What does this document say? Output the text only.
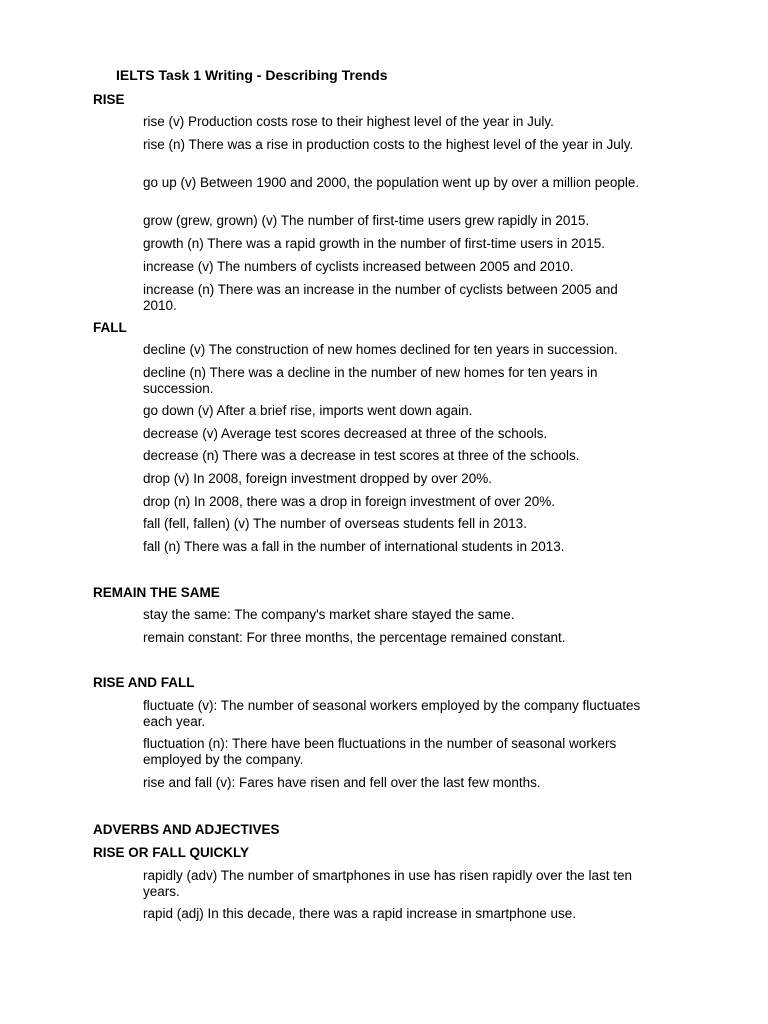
IELTS Task 1 Writing - Describing Trends
RISE
rise (v) Production costs rose to their highest level of the year in July.
rise (n) There was a rise in production costs to the highest level of the year in July.
go up (v) Between 1900 and 2000, the population went up by over a million people.
grow (grew, grown) (v) The number of first-time users grew rapidly in 2015.
growth (n) There was a rapid growth in the number of first-time users in 2015.
increase (v) The numbers of cyclists increased between 2005 and 2010.
increase (n) There was an increase in the number of cyclists between 2005 and 2010.
FALL
decline (v) The construction of new homes declined for ten years in succession.
decline (n) There was a decline in the number of new homes for ten years in succession.
go down (v) After a brief rise, imports went down again.
decrease (v) Average test scores decreased at three of the schools.
decrease (n) There was a decrease in test scores at three of the schools.
drop (v) In 2008, foreign investment dropped by over 20%.
drop (n) In 2008, there was a drop in foreign investment of over 20%.
fall (fell, fallen) (v) The number of overseas students fell in 2013.
fall (n) There was a fall in the number of international students in 2013.
REMAIN THE SAME
stay the same: The company's market share stayed the same.
remain constant: For three months, the percentage remained constant.
RISE AND FALL
fluctuate (v): The number of seasonal workers employed by the company fluctuates each year.
fluctuation (n): There have been fluctuations in the number of seasonal workers employed by the company.
rise and fall (v): Fares have risen and fell over the last few months.
ADVERBS AND ADJECTIVES
RISE OR FALL QUICKLY
rapidly (adv) The number of smartphones in use has risen rapidly over the last ten years.
rapid (adj) In this decade, there was a rapid increase in smartphone use.
